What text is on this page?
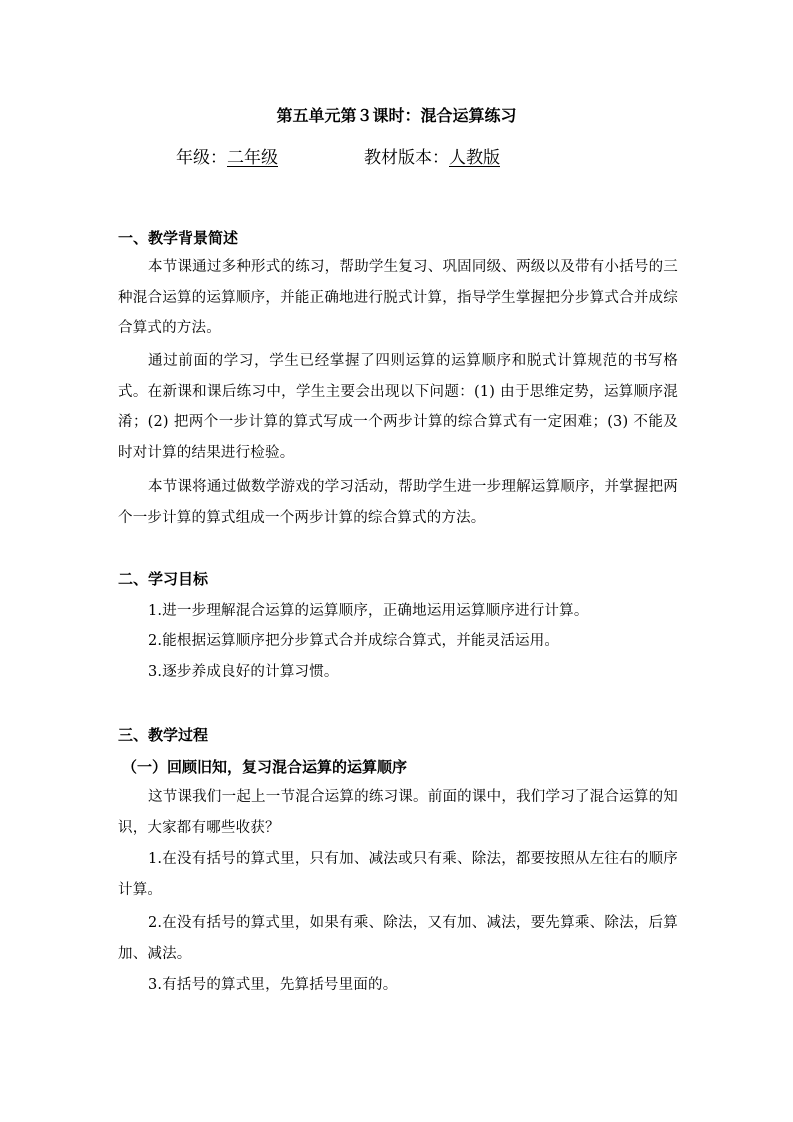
第五单元第３课时：混合运算练习
年级：二年级	教材版本：人教版
一、教学背景简述
本节课通过多种形式的练习，帮助学生复习、巩固同级、两级以及带有小括号的三种混合运算的运算顺序，并能正确地进行脱式计算，指导学生掌握把分步算式合并成综合算式的方法。
通过前面的学习，学生已经掌握了四则运算的运算顺序和脱式计算规范的书写格式。在新课和课后练习中，学生主要会出现以下问题：(1) 由于思维定势，运算顺序混淆；(2) 把两个一步计算的算式写成一个两步计算的综合算式有一定困难；(3) 不能及时对计算的结果进行检验。
本节课将通过做数学游戏的学习活动，帮助学生进一步理解运算顺序，并掌握把两个一步计算的算式组成一个两步计算的综合算式的方法。
二、学习目标
1.进一步理解混合运算的运算顺序，正确地运用运算顺序进行计算。
2.能根据运算顺序把分步算式合并成综合算式，并能灵活运用。
3.逐步养成良好的计算习惯。
三、教学过程
（一）回顾旧知，复习混合运算的运算顺序
这节课我们一起上一节混合运算的练习课。前面的课中，我们学习了混合运算的知识，大家都有哪些收获？
1.在没有括号的算式里，只有加、减法或只有乘、除法，都要按照从左往右的顺序计算。
2.在没有括号的算式里，如果有乘、除法，又有加、减法，要先算乘、除法，后算加、减法。
3.有括号的算式里，先算括号里面的。
